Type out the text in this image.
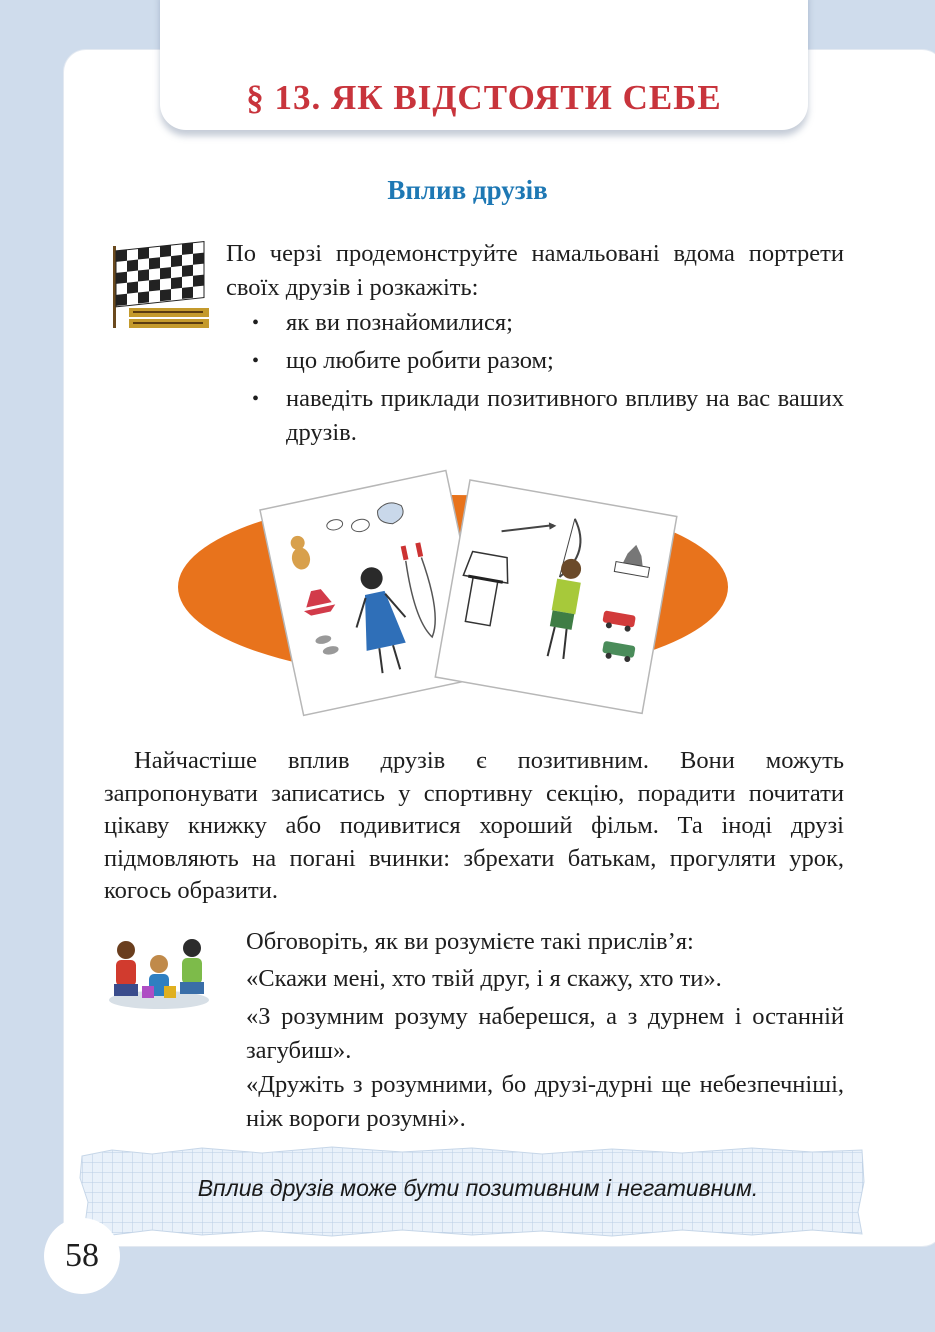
§ 13. ЯК ВІДСТОЯТИ СЕБЕ
Вплив друзів
По черзі продемонструйте намальовані вдома портрети своїх друзів і розкажіть:
• як ви познайомилися;
• що любите робити разом;
• наведіть приклади позитивного впливу на вас ваших друзів.
Найчастіше вплив друзів є позитивним. Вони можуть запропонувати записатись у спортивну секцію, порадити почитати цікаву книжку або подивитися хороший фільм. Та іноді друзі підмовляють на погані вчинки: збрехати батькам, прогуляти урок, когось образити.
Обговоріть, як ви розумієте такі прислів’я:
«Скажи мені, хто твій друг, і я скажу, хто ти».
«З розумним розуму наберешся, а з дурнем і останній загубиш».
«Дружіть з розумними, бо друзі-дурні ще небезпечніші, ніж вороги розумні».
Вплив друзів може бути позитивним і негативним.
58
